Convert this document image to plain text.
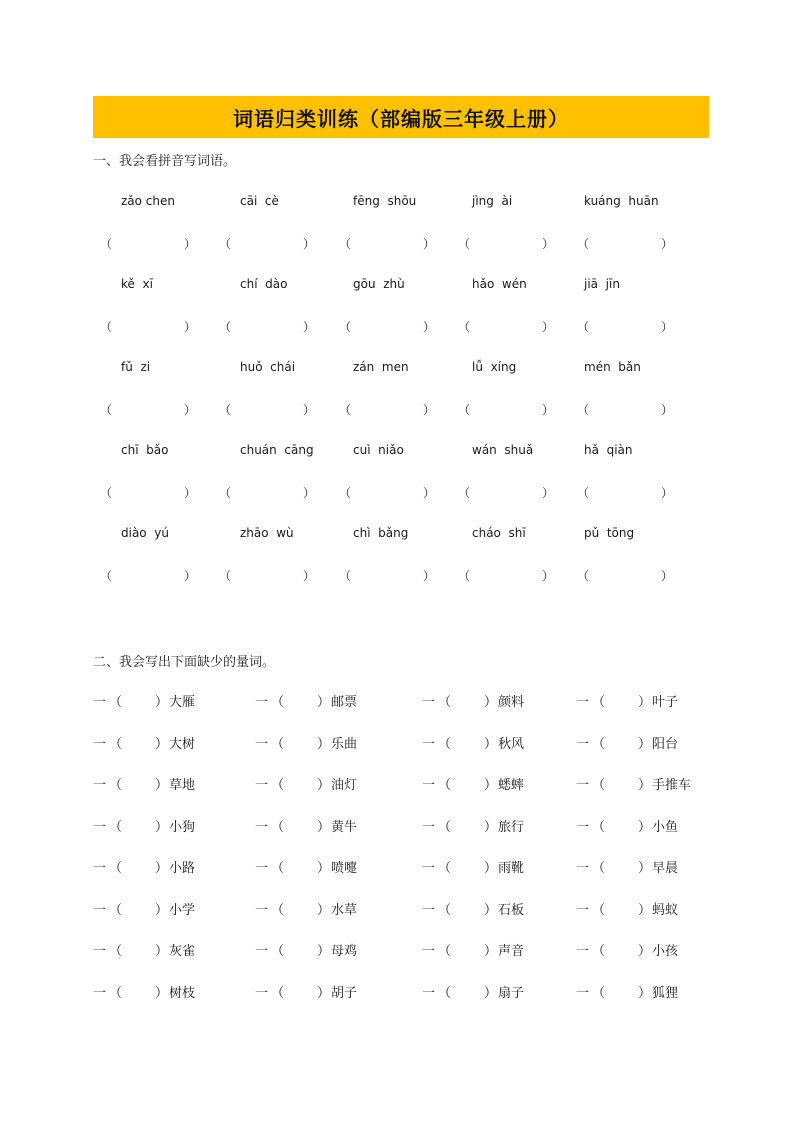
词语归类训练（部编版三年级上册）
一、我会看拼音写词语。
zǎo chen	cāi  cè	fēng  shōu	jìng  ài	kuáng  huān
（	） （	） （	） （	） （	）
kě  xī	chí  dào	gōu  zhù	hǎo  wén	jiā  jīn
（	） （	） （	） （	） （	）
fǔ  zi	huǒ  chái	zán  men	lǚ  xíng	mén  bǎn
（	） （	） （	） （	） （	）
chī  bǎo	chuán  cāng	cuì  niǎo	wán  shuǎ	hǎ  qiàn
（	） （	） （	） （	） （	）
diào  yú	zhāo  wù	chì  bǎng	cháo  shī	pǔ  tōng
（	） （	） （	） （	） （	）
二、我会写出下面缺少的量词。
一 （	） 大雁	一 （	） 邮票	一 （	） 颜料	一 （	） 叶子
一 （	） 大树	一 （	） 乐曲	一 （	） 秋风	一 （	） 阳台
一 （	） 草地	一 （	） 油灯	一 （	） 蟋蟀	一 （	） 手推车
一 （	） 小狗	一 （	） 黄牛	一 （	） 旅行	一 （	） 小鱼
一 （	） 小路	一 （	） 喷嚏	一 （	） 雨靴	一 （	） 早晨
一 （	） 小学	一 （	） 水草	一 （	） 石板	一 （	） 蚂蚁
一 （	） 灰雀	一 （	） 母鸡	一 （	） 声音	一 （	） 小孩
一 （	） 树枝	一 （	） 胡子	一 （	） 扇子	一 （	） 狐狸
